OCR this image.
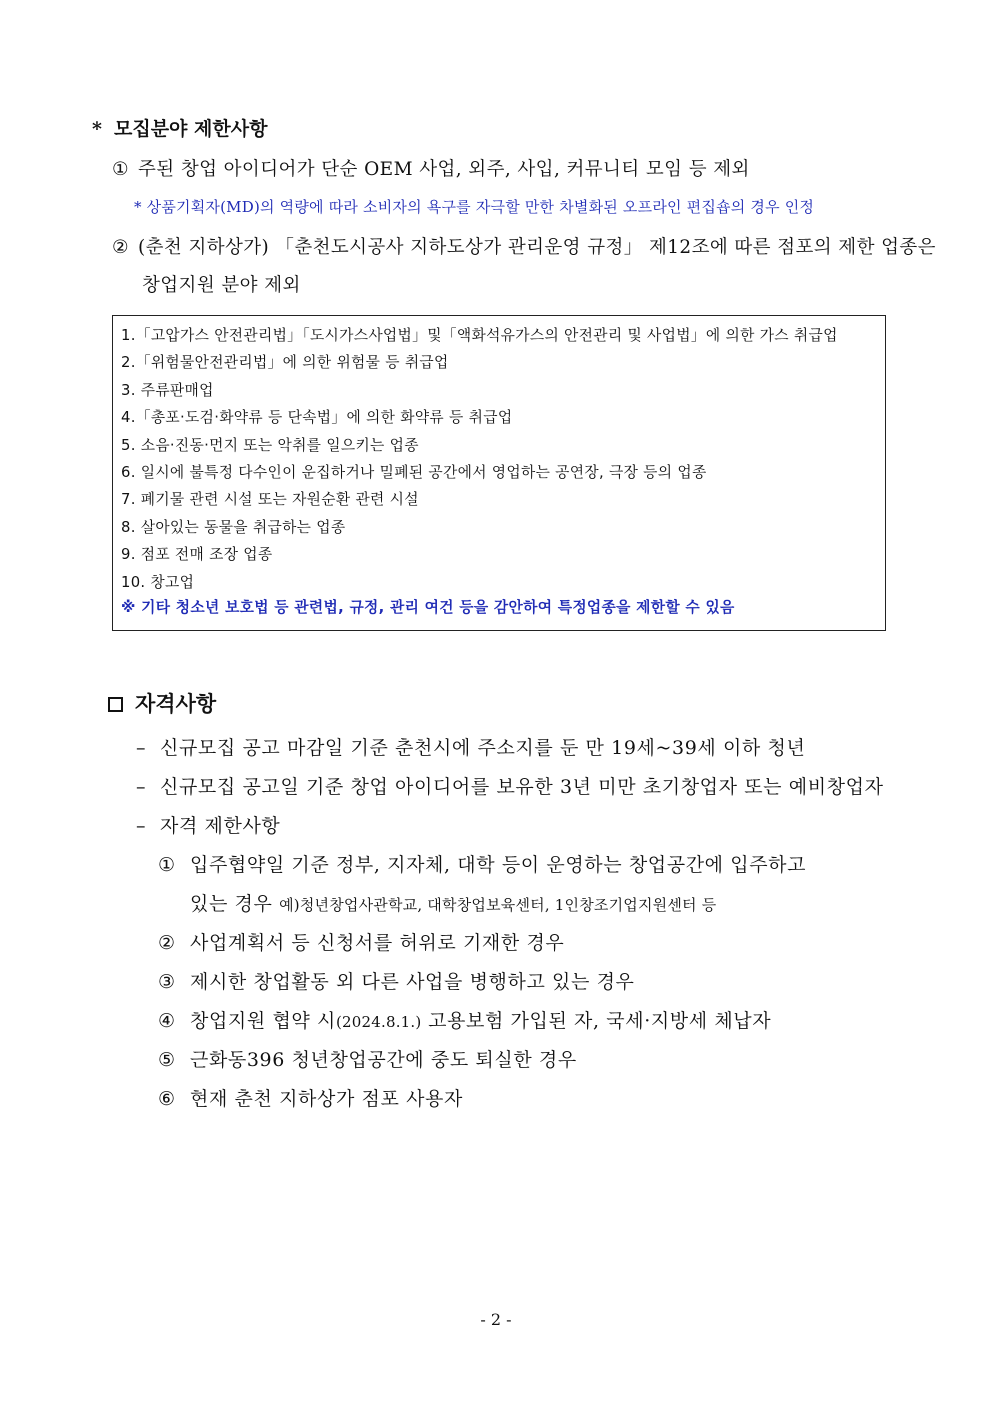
* 모집분야 제한사항
① 주된 창업 아이디어가 단순 OEM 사업, 외주, 사입, 커뮤니티 모임 등 제외
* 상품기획자(MD)의 역량에 따라 소비자의 욕구를 자극할 만한 차별화된 오프라인 편집숍의 경우 인정
② (춘천 지하상가) 「춘천도시공사 지하도상가 관리운영 규정」 제12조에 따른 점포의 제한 업종은
창업지원 분야 제외
1.「고압가스 안전관리법」「도시가스사업법」및「액화석유가스의 안전관리 및 사업법」에 의한 가스 취급업
2.「위험물안전관리법」에 의한 위험물 등 취급업
3. 주류판매업
4.「총포·도검·화약류 등 단속법」에 의한 화약류 등 취급업
5. 소음·진동·먼지 또는 악취를 일으키는 업종
6. 일시에 불특정 다수인이 운집하거나 밀폐된 공간에서 영업하는 공연장, 극장 등의 업종
7. 폐기물 관련 시설 또는 자원순환 관련 시설
8. 살아있는 동물을 취급하는 업종
9. 점포 전매 조장 업종
10. 창고업
※ 기타 청소년 보호법 등 관련법, 규정, 관리 여건 등을 감안하여 특정업종을 제한할 수 있음
자격사항
– 신규모집 공고 마감일 기준 춘천시에 주소지를 둔 만 19세~39세 이하 청년
– 신규모집 공고일 기준 창업 아이디어를 보유한 3년 미만 초기창업자 또는 예비창업자
– 자격 제한사항
① 입주협약일 기준 정부, 지자체, 대학 등이 운영하는 창업공간에 입주하고
있는 경우 예)청년창업사관학교, 대학창업보육센터, 1인창조기업지원센터 등
② 사업계획서 등 신청서를 허위로 기재한 경우
③ 제시한 창업활동 외 다른 사업을 병행하고 있는 경우
④ 창업지원 협약 시(2024.8.1.) 고용보험 가입된 자, 국세·지방세 체납자
⑤ 근화동396 청년창업공간에 중도 퇴실한 경우
⑥ 현재 춘천 지하상가 점포 사용자
- 2 -
